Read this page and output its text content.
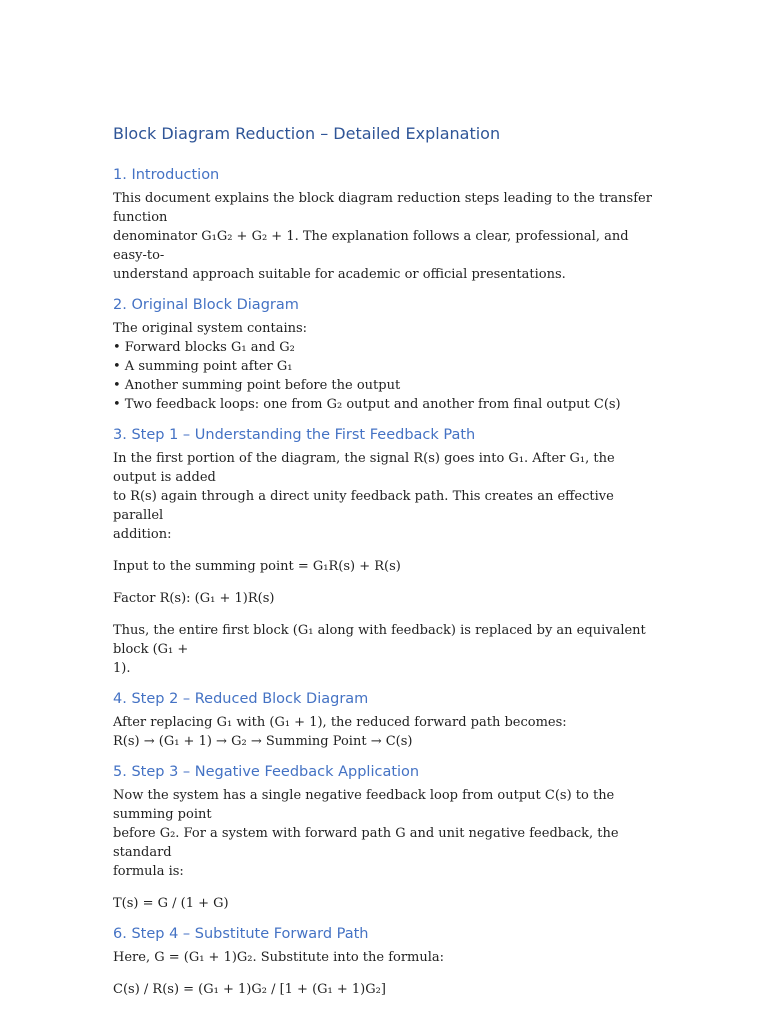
Block Diagram Reduction – Detailed Explanation
1. Introduction

This document explains the block diagram reduction steps leading to the transfer function

denominator G₁G₂ + G₂ + 1. The explanation follows a clear, professional, and easy-to-

understand approach suitable for academic or official presentations.

2. Original Block Diagram

The original system contains:

• Forward blocks G₁ and G₂
• A summing point after G₁
• Another summing point before the output
• Two feedback loops: one from G₂ output and another from final output C(s)
3. Step 1 – Understanding the First Feedback Path

In the first portion of the diagram, the signal R(s) goes into G₁. After G₁, the output is added

to R(s) again through a direct unity feedback path. This creates an effective parallel

addition:

Input to the summing point = G₁R(s) + R(s)

Factor R(s): (G₁ + 1)R(s)

Thus, the entire first block (G₁ along with feedback) is replaced by an equivalent block (G₁ +

1).

4. Step 2 – Reduced Block Diagram

After replacing G₁ with (G₁ + 1), the reduced forward path becomes:

R(s) → (G₁ + 1) → G₂ → Summing Point → C(s)

5. Step 3 – Negative Feedback Application

Now the system has a single negative feedback loop from output C(s) to the summing point

before G₂. For a system with forward path G and unit negative feedback, the standard

formula is:

T(s) = G / (1 + G)

6. Step 4 – Substitute Forward Path

Here, G = (G₁ + 1)G₂. Substitute into the formula:

C(s) / R(s) = (G₁ + 1)G₂ / [1 + (G₁ + 1)G₂]
